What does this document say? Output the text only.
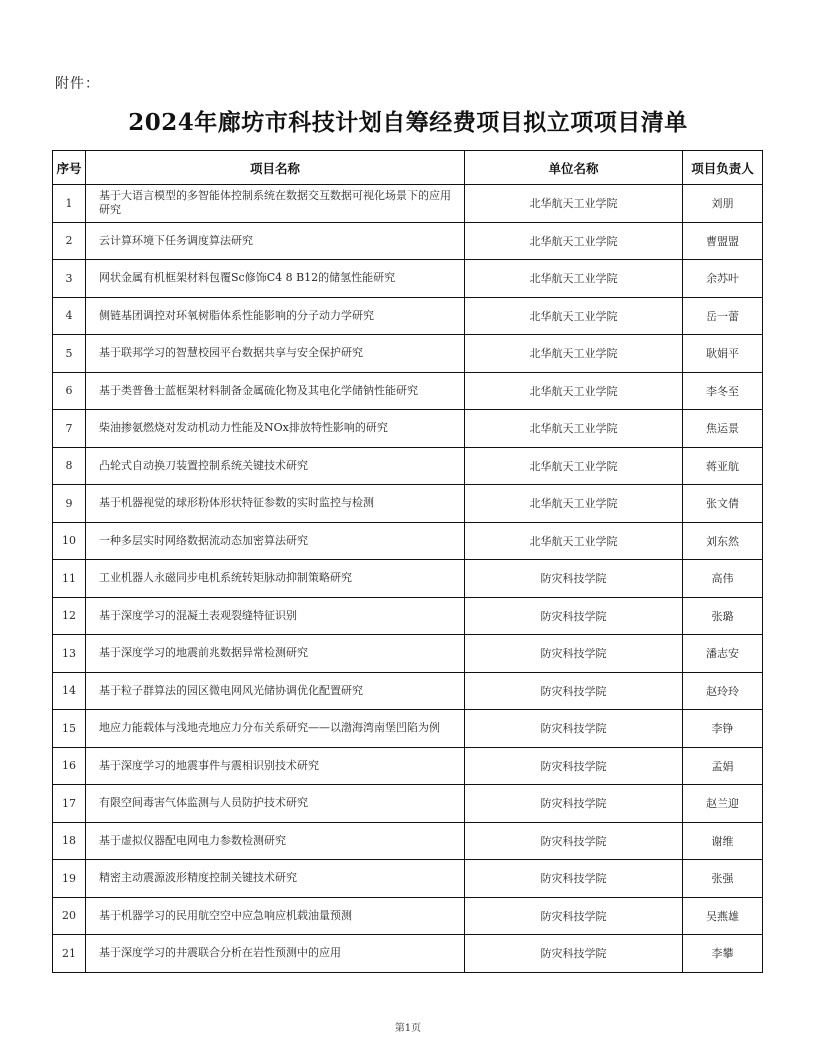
附件：
2024年廊坊市科技计划自筹经费项目拟立项项目清单
序号	项目名称	单位名称	项目负责人
1	基于大语言模型的多智能体控制系统在数据交互数据可视化场景下的应用研究	北华航天工业学院	刘朋
2	云计算环境下任务调度算法研究	北华航天工业学院	曹盟盟
3	网状金属有机框架材料包覆Sc修饰C4 8 B12的储氢性能研究	北华航天工业学院	余苏叶
4	侧链基团调控对环氧树脂体系性能影响的分子动力学研究	北华航天工业学院	岳一蕾
5	基于联邦学习的智慧校园平台数据共享与安全保护研究	北华航天工业学院	耿娟平
6	基于类普鲁士蓝框架材料制备金属硫化物及其电化学储钠性能研究	北华航天工业学院	李冬至
7	柴油掺氨燃烧对发动机动力性能及NOx排放特性影响的研究	北华航天工业学院	焦运景
8	凸轮式自动换刀装置控制系统关键技术研究	北华航天工业学院	蒋亚航
9	基于机器视觉的球形粉体形状特征参数的实时监控与检测	北华航天工业学院	张文倩
10	一种多层实时网络数据流动态加密算法研究	北华航天工业学院	刘东然
11	工业机器人永磁同步电机系统转矩脉动抑制策略研究	防灾科技学院	高伟
12	基于深度学习的混凝土表观裂缝特征识别	防灾科技学院	张璐
13	基于深度学习的地震前兆数据异常检测研究	防灾科技学院	潘志安
14	基于粒子群算法的园区微电网风光储协调优化配置研究	防灾科技学院	赵玲玲
15	地应力能载体与浅地壳地应力分布关系研究——以渤海湾南堡凹陷为例	防灾科技学院	李铮
16	基于深度学习的地震事件与震相识别技术研究	防灾科技学院	孟娟
17	有限空间毒害气体监测与人员防护技术研究	防灾科技学院	赵兰迎
18	基于虚拟仪器配电网电力参数检测研究	防灾科技学院	谢维
19	精密主动震源波形精度控制关键技术研究	防灾科技学院	张强
20	基于机器学习的民用航空空中应急响应机载油量预测	防灾科技学院	吴燕雄
21	基于深度学习的井震联合分析在岩性预测中的应用	防灾科技学院	李攀
第1页
